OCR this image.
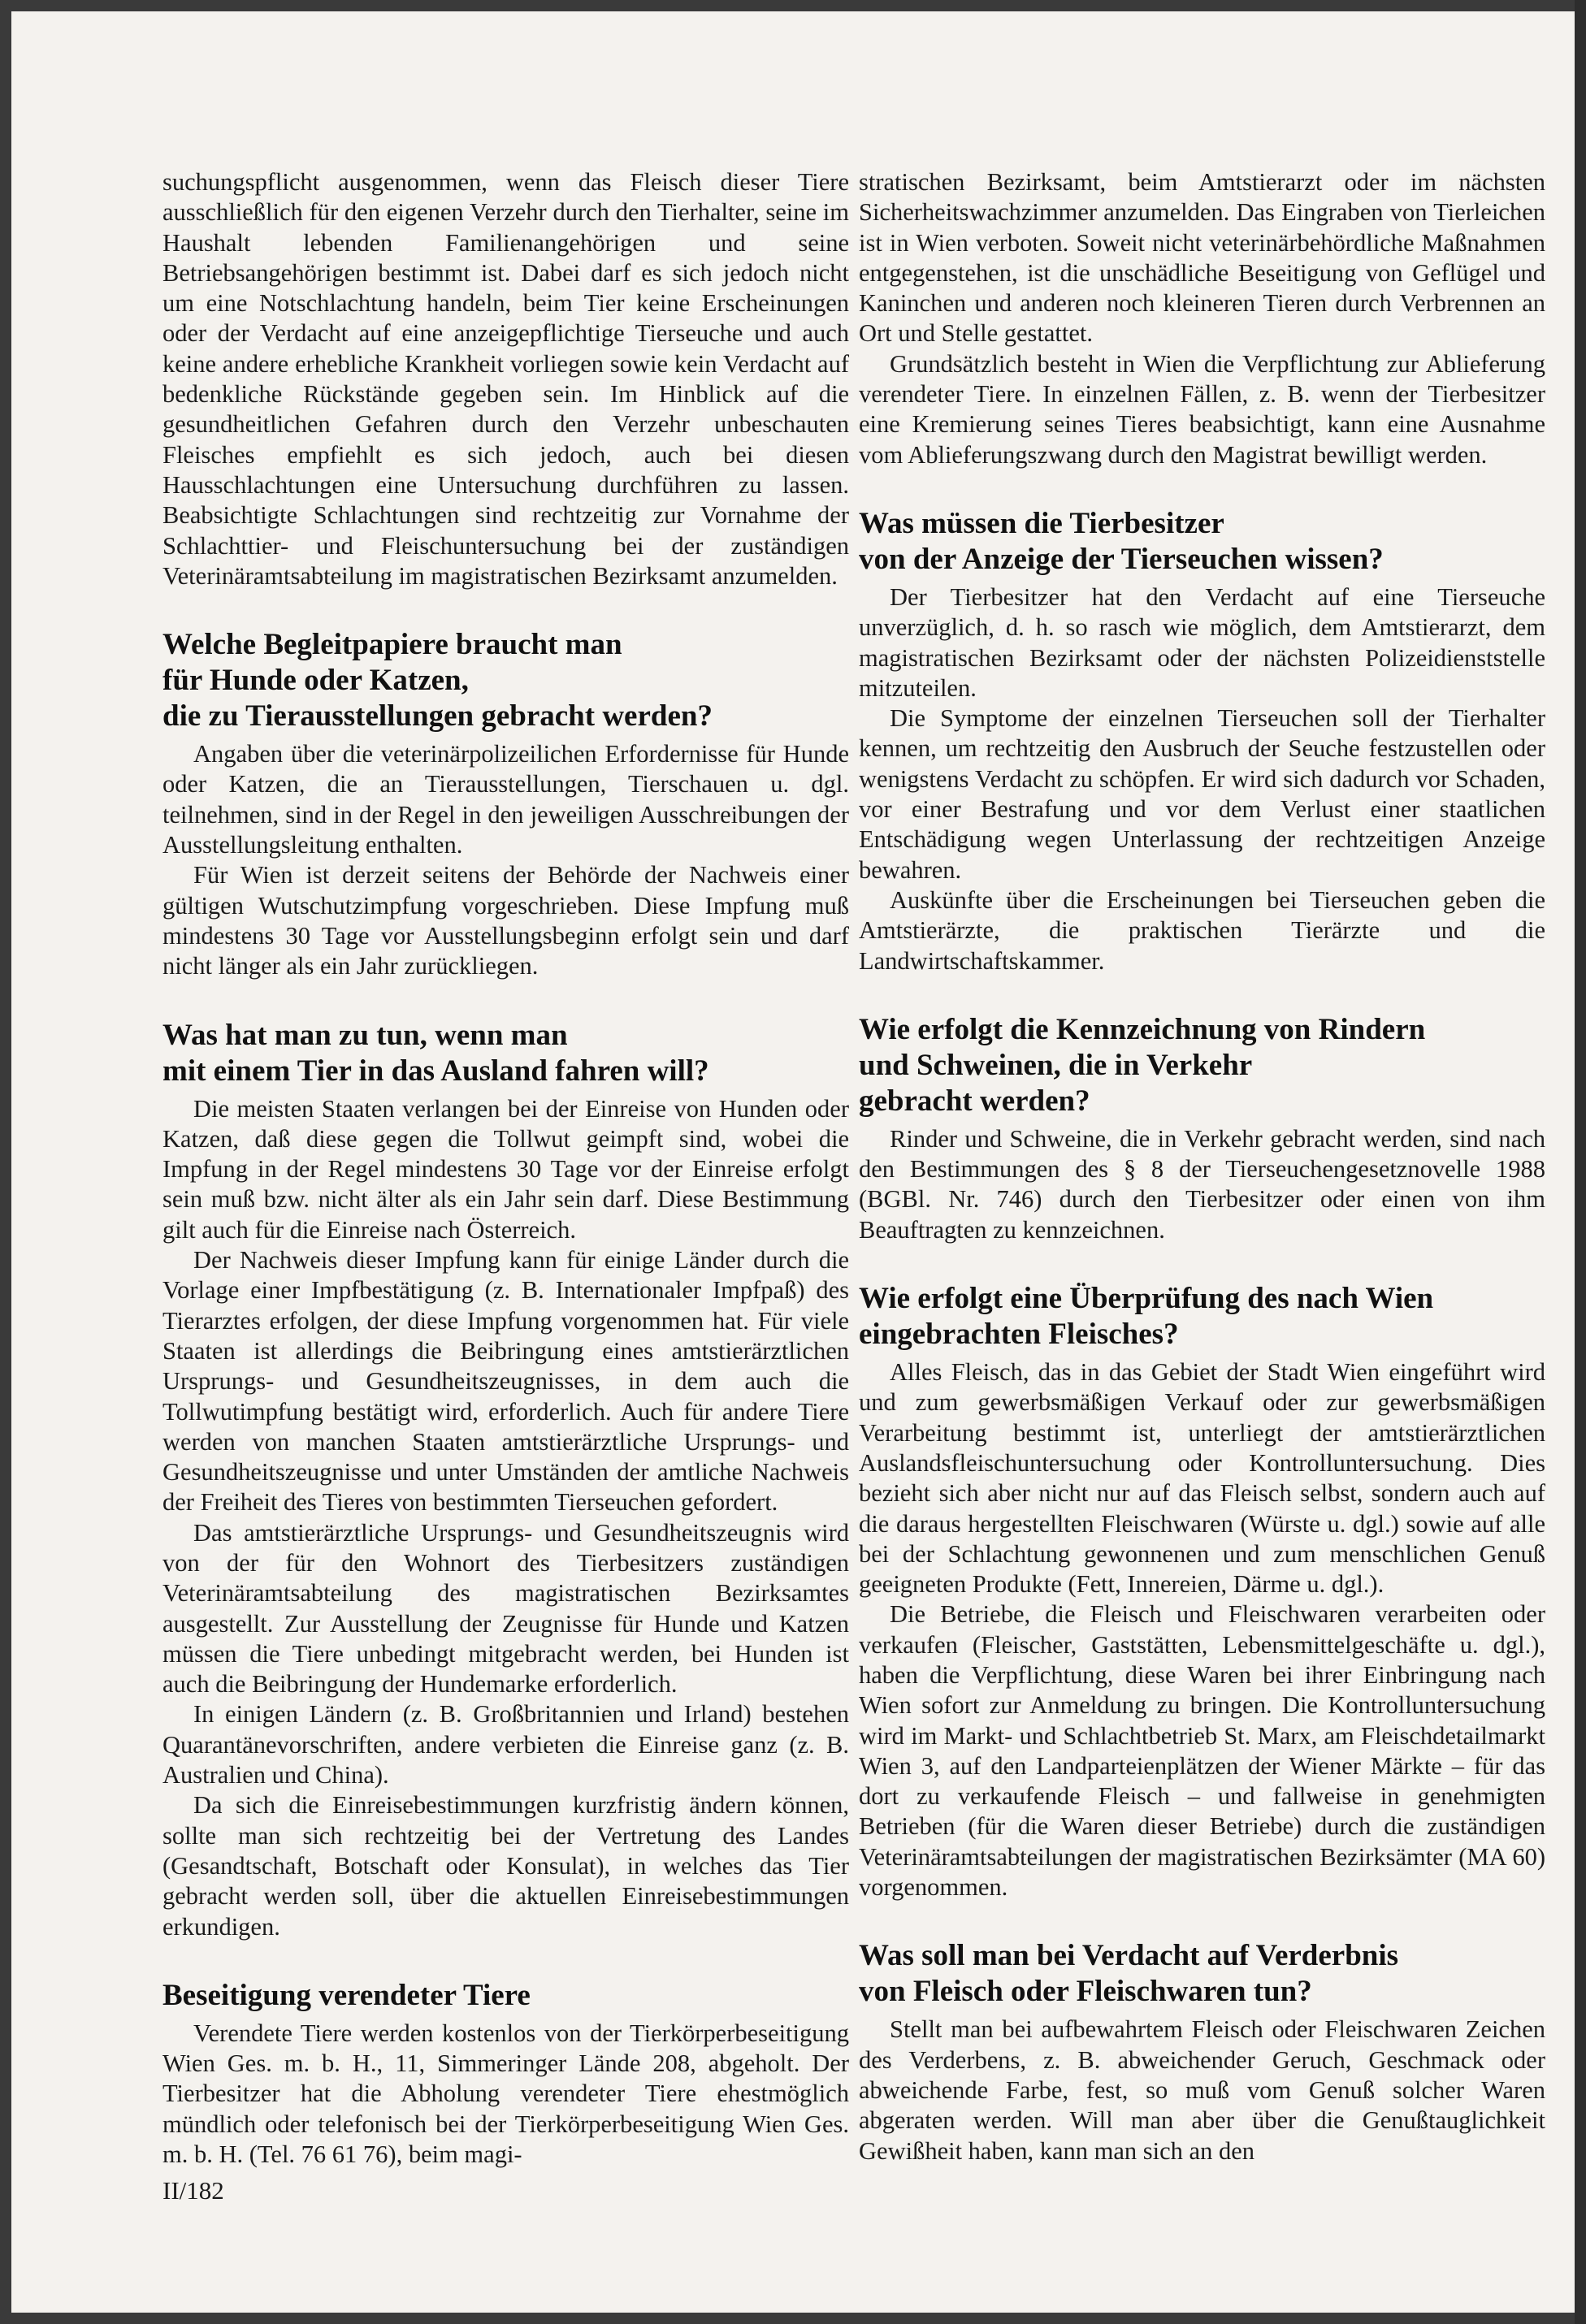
suchungspflicht ausgenommen, wenn das Fleisch dieser Tiere ausschließlich für den eigenen Verzehr durch den Tierhalter, seine im Haushalt lebenden Familienangehörigen und seine Betriebsangehörigen bestimmt ist. Dabei darf es sich jedoch nicht um eine Notschlachtung handeln, beim Tier keine Erscheinungen oder der Verdacht auf eine anzeigepflichtige Tierseuche und auch keine andere erhebliche Krankheit vorliegen sowie kein Verdacht auf bedenkliche Rückstände gegeben sein. Im Hinblick auf die gesundheitlichen Gefahren durch den Verzehr unbeschauten Fleisches empfiehlt es sich jedoch, auch bei diesen Hausschlachtungen eine Untersuchung durchführen zu lassen. Beabsichtigte Schlachtungen sind rechtzeitig zur Vornahme der Schlachttier- und Fleischuntersuchung bei der zuständigen Veterinäramtsabteilung im magistratischen Bezirksamt anzumelden.

Welche Begleitpapiere braucht man
für Hunde oder Katzen,
die zu Tierausstellungen gebracht werden?

Angaben über die veterinärpolizeilichen Erfordernisse für Hunde oder Katzen, die an Tierausstellungen, Tierschauen u. dgl. teilnehmen, sind in der Regel in den jeweiligen Ausschreibungen der Ausstellungsleitung enthalten.

Für Wien ist derzeit seitens der Behörde der Nachweis einer gültigen Wutschutzimpfung vorgeschrieben. Diese Impfung muß mindestens 30 Tage vor Ausstellungsbeginn erfolgt sein und darf nicht länger als ein Jahr zurückliegen.

Was hat man zu tun, wenn man
mit einem Tier in das Ausland fahren will?

Die meisten Staaten verlangen bei der Einreise von Hunden oder Katzen, daß diese gegen die Tollwut geimpft sind, wobei die Impfung in der Regel mindestens 30 Tage vor der Einreise erfolgt sein muß bzw. nicht älter als ein Jahr sein darf. Diese Bestimmung gilt auch für die Einreise nach Österreich.

Der Nachweis dieser Impfung kann für einige Länder durch die Vorlage einer Impfbestätigung (z. B. Internationaler Impfpaß) des Tierarztes erfolgen, der diese Impfung vorgenommen hat. Für viele Staaten ist allerdings die Beibringung eines amtstierärztlichen Ursprungs- und Gesundheitszeugnisses, in dem auch die Tollwutimpfung bestätigt wird, erforderlich. Auch für andere Tiere werden von manchen Staaten amtstierärztliche Ursprungs- und Gesundheitszeugnisse und unter Umständen der amtliche Nachweis der Freiheit des Tieres von bestimmten Tierseuchen gefordert.

Das amtstierärztliche Ursprungs- und Gesundheitszeugnis wird von der für den Wohnort des Tierbesitzers zuständigen Veterinäramtsabteilung des magistratischen Bezirksamtes ausgestellt. Zur Ausstellung der Zeugnisse für Hunde und Katzen müssen die Tiere unbedingt mitgebracht werden, bei Hunden ist auch die Beibringung der Hundemarke erforderlich.

In einigen Ländern (z. B. Großbritannien und Irland) bestehen Quarantänevorschriften, andere verbieten die Einreise ganz (z. B. Australien und China).

Da sich die Einreisebestimmungen kurzfristig ändern können, sollte man sich rechtzeitig bei der Vertretung des Landes (Gesandtschaft, Botschaft oder Konsulat), in welches das Tier gebracht werden soll, über die aktuellen Einreisebestimmungen erkundigen.

Beseitigung verendeter Tiere

Verendete Tiere werden kostenlos von der Tierkörperbeseitigung Wien Ges. m. b. H., 11, Simmeringer Lände 208, abgeholt. Der Tierbesitzer hat die Abholung verendeter Tiere ehestmöglich mündlich oder telefonisch bei der Tierkörperbeseitigung Wien Ges. m. b. H. (Tel. 76 61 76), beim magi-

stratischen Bezirksamt, beim Amtstierarzt oder im nächsten Sicherheitswachzimmer anzumelden. Das Eingraben von Tierleichen ist in Wien verboten. Soweit nicht veterinärbehördliche Maßnahmen entgegenstehen, ist die unschädliche Beseitigung von Geflügel und Kaninchen und anderen noch kleineren Tieren durch Verbrennen an Ort und Stelle gestattet.

Grundsätzlich besteht in Wien die Verpflichtung zur Ablieferung verendeter Tiere. In einzelnen Fällen, z. B. wenn der Tierbesitzer eine Kremierung seines Tieres beabsichtigt, kann eine Ausnahme vom Ablieferungszwang durch den Magistrat bewilligt werden.

Was müssen die Tierbesitzer
von der Anzeige der Tierseuchen wissen?

Der Tierbesitzer hat den Verdacht auf eine Tierseuche unverzüglich, d. h. so rasch wie möglich, dem Amtstierarzt, dem magistratischen Bezirksamt oder der nächsten Polizeidienststelle mitzuteilen.

Die Symptome der einzelnen Tierseuchen soll der Tierhalter kennen, um rechtzeitig den Ausbruch der Seuche festzustellen oder wenigstens Verdacht zu schöpfen. Er wird sich dadurch vor Schaden, vor einer Bestrafung und vor dem Verlust einer staatlichen Entschädigung wegen Unterlassung der rechtzeitigen Anzeige bewahren.

Auskünfte über die Erscheinungen bei Tierseuchen geben die Amtstierärzte, die praktischen Tierärzte und die Landwirtschaftskammer.

Wie erfolgt die Kennzeichnung von Rindern
und Schweinen, die in Verkehr
gebracht werden?

Rinder und Schweine, die in Verkehr gebracht werden, sind nach den Bestimmungen des § 8 der Tierseuchengesetznovelle 1988 (BGBl. Nr. 746) durch den Tierbesitzer oder einen von ihm Beauftragten zu kennzeichnen.

Wie erfolgt eine Überprüfung des nach Wien
eingebrachten Fleisches?

Alles Fleisch, das in das Gebiet der Stadt Wien eingeführt wird und zum gewerbsmäßigen Verkauf oder zur gewerbsmäßigen Verarbeitung bestimmt ist, unterliegt der amtstierärztlichen Auslandsfleischuntersuchung oder Kontrolluntersuchung. Dies bezieht sich aber nicht nur auf das Fleisch selbst, sondern auch auf die daraus hergestellten Fleischwaren (Würste u. dgl.) sowie auf alle bei der Schlachtung gewonnenen und zum menschlichen Genuß geeigneten Produkte (Fett, Innereien, Därme u. dgl.).

Die Betriebe, die Fleisch und Fleischwaren verarbeiten oder verkaufen (Fleischer, Gaststätten, Lebensmittelgeschäfte u. dgl.), haben die Verpflichtung, diese Waren bei ihrer Einbringung nach Wien sofort zur Anmeldung zu bringen. Die Kontrolluntersuchung wird im Markt- und Schlachtbetrieb St. Marx, am Fleischdetailmarkt Wien 3, auf den Landparteienplätzen der Wiener Märkte – für das dort zu verkaufende Fleisch – und fallweise in genehmigten Betrieben (für die Waren dieser Betriebe) durch die zuständigen Veterinäramtsabteilungen der magistratischen Bezirksämter (MA 60) vorgenommen.

Was soll man bei Verdacht auf Verderbnis
von Fleisch oder Fleischwaren tun?

Stellt man bei aufbewahrtem Fleisch oder Fleischwaren Zeichen des Verderbens, z. B. abweichender Geruch, Geschmack oder abweichende Farbe, fest, so muß vom Genuß solcher Waren abgeraten werden. Will man aber über die Genußtauglichkeit Gewißheit haben, kann man sich an den

II/182
